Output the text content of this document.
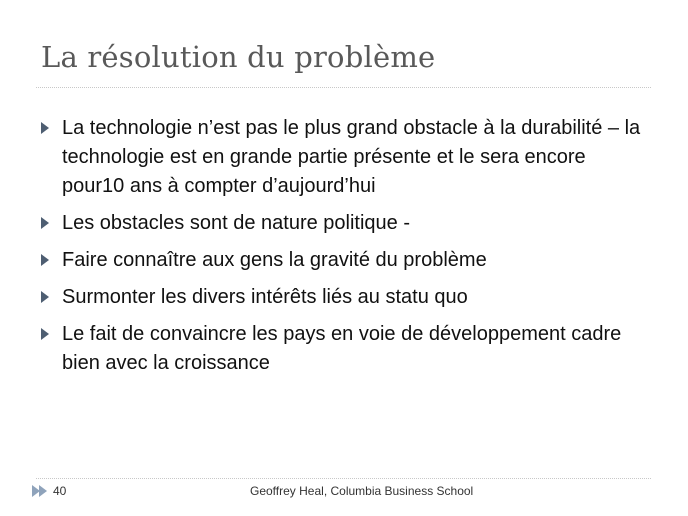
La résolution du problème
La technologie n’est pas le plus grand obstacle à la durabilité – la technologie est en grande partie présente et le sera encore pour10 ans à compter d’aujourd’hui
Les obstacles sont de nature politique -
Faire connaître aux gens la gravité du problème
Surmonter les divers intérêts liés au statu quo
Le fait de convaincre les pays en voie de développement cadre bien avec la croissance
40	Geoffrey Heal, Columbia Business School
